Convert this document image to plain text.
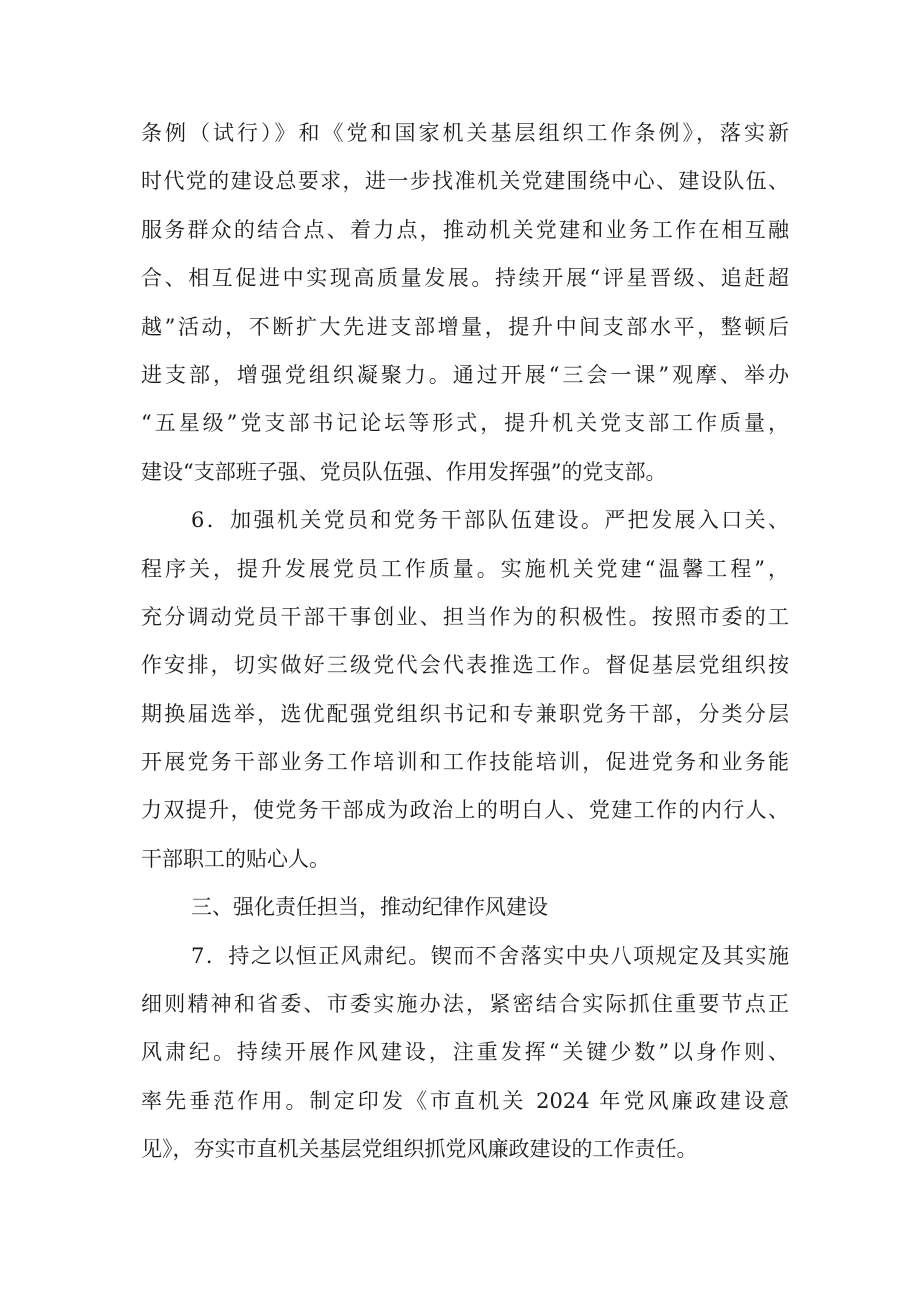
条例（试行）》和《党和国家机关基层组织工作条例》，落实新
时代党的建设总要求，进一步找准机关党建围绕中心、建设队伍、
服务群众的结合点、着力点，推动机关党建和业务工作在相互融
合、相互促进中实现高质量发展。持续开展“评星晋级、追赶超
越”活动，不断扩大先进支部增量，提升中间支部水平，整顿后
进支部，增强党组织凝聚力。通过开展“三会一课”观摩、举办
“五星级”党支部书记论坛等形式，提升机关党支部工作质量，
建设“支部班子强、党员队伍强、作用发挥强”的党支部。
6．加强机关党员和党务干部队伍建设。严把发展入口关、
程序关，提升发展党员工作质量。实施机关党建“温馨工程”，
充分调动党员干部干事创业、担当作为的积极性。按照市委的工
作安排，切实做好三级党代会代表推选工作。督促基层党组织按
期换届选举，选优配强党组织书记和专兼职党务干部，分类分层
开展党务干部业务工作培训和工作技能培训，促进党务和业务能
力双提升，使党务干部成为政治上的明白人、党建工作的内行人、
干部职工的贴心人。
三、强化责任担当，推动纪律作风建设
7．持之以恒正风肃纪。锲而不舍落实中央八项规定及其实施
细则精神和省委、市委实施办法，紧密结合实际抓住重要节点正
风肃纪。持续开展作风建设，注重发挥“关键少数”以身作则、
率先垂范作用。制定印发《市直机关 2024 年党风廉政建设意
见》，夯实市直机关基层党组织抓党风廉政建设的工作责任。
